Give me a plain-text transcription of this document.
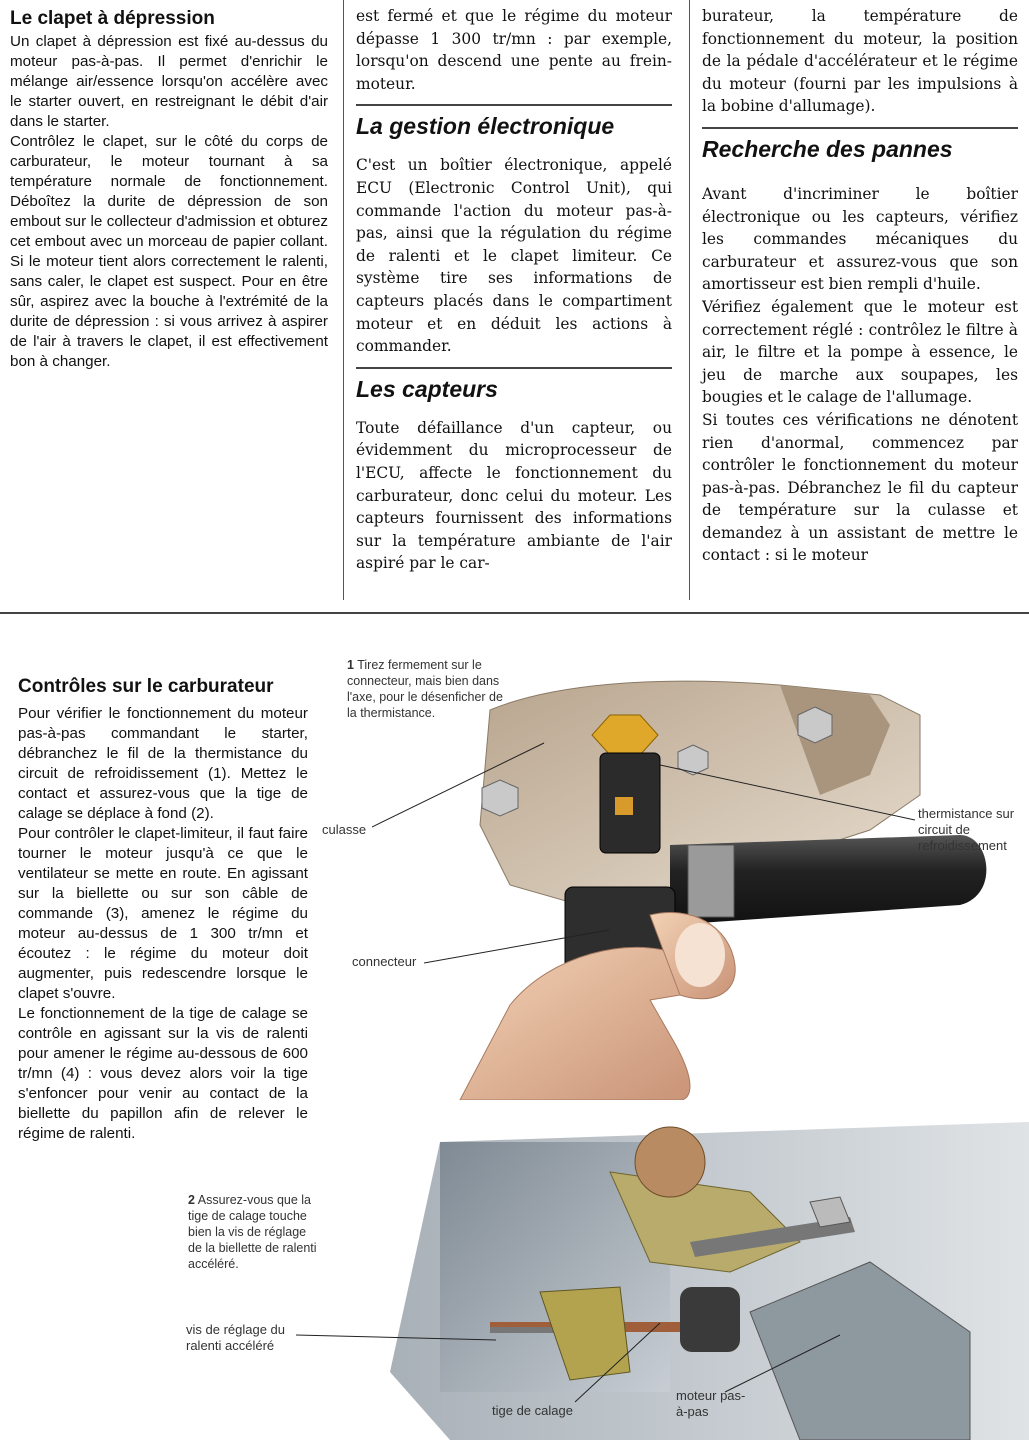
Le clapet à dépression

Un clapet à dépression est fixé au-dessus du moteur pas-à-pas. Il permet d'enrichir le mélange air/essence lorsqu'on accélère avec le starter ouvert, en restreignant le débit d'air dans le starter.

Contrôlez le clapet, sur le côté du corps de carburateur, le moteur tournant à sa température normale de fonctionnement. Déboîtez la durite de dépression de son embout sur le collecteur d'admission et obturez cet embout avec un morceau de papier collant. Si le moteur tient alors correctement le ralenti, sans caler, le clapet est suspect. Pour en être sûr, aspirez avec la bouche à l'extrémité de la durite de dépression : si vous arrivez à aspirer de l'air à travers le clapet, il est effectivement bon à changer.

est fermé et que le régime du moteur dépasse 1 300 tr/mn : par exemple, lorsqu'on descend une pente au frein-moteur.

La gestion électronique

C'est un boîtier électronique, appelé ECU (Electronic Control Unit), qui commande l'action du moteur pas-à-pas, ainsi que la régulation du régime de ralenti et le clapet limiteur. Ce système tire ses informations de capteurs placés dans le compartiment moteur et en déduit les actions à commander.

Les capteurs

Toute défaillance d'un capteur, ou évidemment du microprocesseur de l'ECU, affecte le fonctionnement du carburateur, donc celui du moteur. Les capteurs fournissent des informations sur la température ambiante de l'air aspiré par le car-

burateur, la température de fonctionnement du moteur, la position de la pédale d'accélérateur et le régime du moteur (fourni par les impulsions à la bobine d'allumage).

Recherche des pannes

Avant d'incriminer le boîtier électronique ou les capteurs, vérifiez les commandes mécaniques du carburateur et assurez-vous que son amortisseur est bien rempli d'huile.

Vérifiez également que le moteur est correctement réglé : contrôlez le filtre à air, le filtre et la pompe à essence, le jeu de marche aux soupapes, les bougies et le calage de l'allumage.

Si toutes ces vérifications ne dénotent rien d'anormal, commencez par contrôler le fonctionnement du moteur pas-à-pas. Débranchez le fil du capteur de température sur la culasse et demandez à un assistant de mettre le contact : si le moteur

Contrôles sur le carburateur

Pour vérifier le fonctionnement du moteur pas-à-pas commandant le starter, débranchez le fil de la thermistance du circuit de refroidissement (1). Mettez le contact et assurez-vous que la tige de calage se déplace à fond (2).

Pour contrôler le clapet-limiteur, il faut faire tourner le moteur jusqu'à ce que le ventilateur se mette en route. En agissant sur la biellette ou sur son câble de commande (3), amenez le régime du moteur au-dessus de 1 300 tr/mn et écoutez : le régime du moteur doit augmenter, puis redescendre lorsque le clapet s'ouvre.

Le fonctionnement de la tige de calage se contrôle en agissant sur la vis de ralenti pour amener le régime au-dessous de 600 tr/mn (4) : vous devez alors voir la tige s'enfoncer pour venir au contact de la biellette du papillon afin de relever le régime de ralenti.

1 Tirez fermement sur le connecteur, mais bien dans l'axe, pour le désenficher de la thermistance.
culasse
thermistance sur circuit de refroidissement
connecteur
2 Assurez-vous que la tige de calage touche bien la vis de réglage de la biellette de ralenti accéléré.
vis de réglage du ralenti accéléré
tige de calage
moteur pas-à-pas
